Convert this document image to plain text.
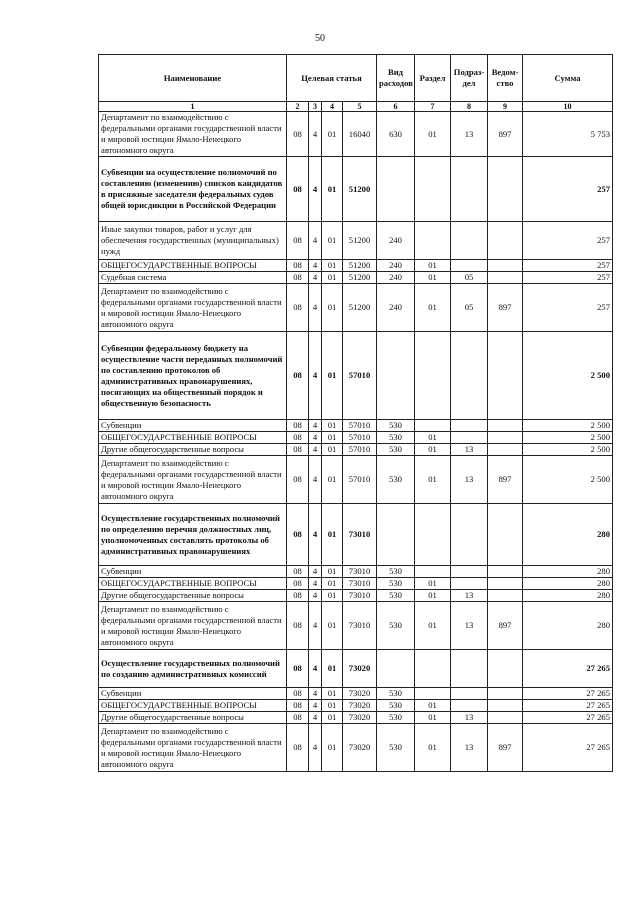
50
Наименование	Целевая статья				Вид расходов	Раздел	Подраз-дел	Ведом-ство	Сумма
1	2	3	4	5	6	7	8	9	10
Департамент по взаимодействию с федеральными органами государственной власти и мировой юстиции Ямало-Ненецкого автономного округа	08	4	01	16040	630	01	13	897	5 753
Субвенции на осуществление полномочий по составлению (изменению) списков кандидатов в присяжные заседатели федеральных судов общей юрисдикции в Российской Федерации	08	4	01	51200					257
Иные закупки товаров, работ и услуг для обеспечения государственных (муниципальных) нужд	08	4	01	51200	240				257
ОБЩЕГОСУДАРСТВЕННЫЕ ВОПРОСЫ	08	4	01	51200	240	01			257
Судебная система	08	4	01	51200	240	01	05		257
Департамент по взаимодействию с федеральными органами государственной власти и мировой юстиции Ямало-Ненецкого автономного округа	08	4	01	51200	240	01	05	897	257
Субвенции федеральному бюджету на осуществление части переданных полномочий по составлению протоколов об административных правонарушениях, посягающих на общественный порядок и общественную безопасность	08	4	01	57010					2 500
Субвенции	08	4	01	57010	530				2 500
ОБЩЕГОСУДАРСТВЕННЫЕ ВОПРОСЫ	08	4	01	57010	530	01			2 500
Другие общегосударственные вопросы	08	4	01	57010	530	01	13		2 500
Департамент по взаимодействию с федеральными органами государственной власти и мировой юстиции Ямало-Ненецкого автономного округа	08	4	01	57010	530	01	13	897	2 500
Осуществление государственных полномочий по определению перечня должностных лиц, уполномоченных составлять протоколы об административных правонарушениях	08	4	01	73010					280
Субвенции	08	4	01	73010	530				280
ОБЩЕГОСУДАРСТВЕННЫЕ ВОПРОСЫ	08	4	01	73010	530	01			280
Другие общегосударственные вопросы	08	4	01	73010	530	01	13		280
Департамент по взаимодействию с федеральными органами государственной власти и мировой юстиции Ямало-Ненецкого автономного округа	08	4	01	73010	530	01	13	897	280
Осуществление государственных полномочий по созданию административных комиссий	08	4	01	73020					27 265
Субвенции	08	4	01	73020	530				27 265
ОБЩЕГОСУДАРСТВЕННЫЕ ВОПРОСЫ	08	4	01	73020	530	01			27 265
Другие общегосударственные вопросы	08	4	01	73020	530	01	13		27 265
Департамент по взаимодействию с федеральными органами государственной власти и мировой юстиции Ямало-Ненецкого автономного округа	08	4	01	73020	530	01	13	897	27 265
